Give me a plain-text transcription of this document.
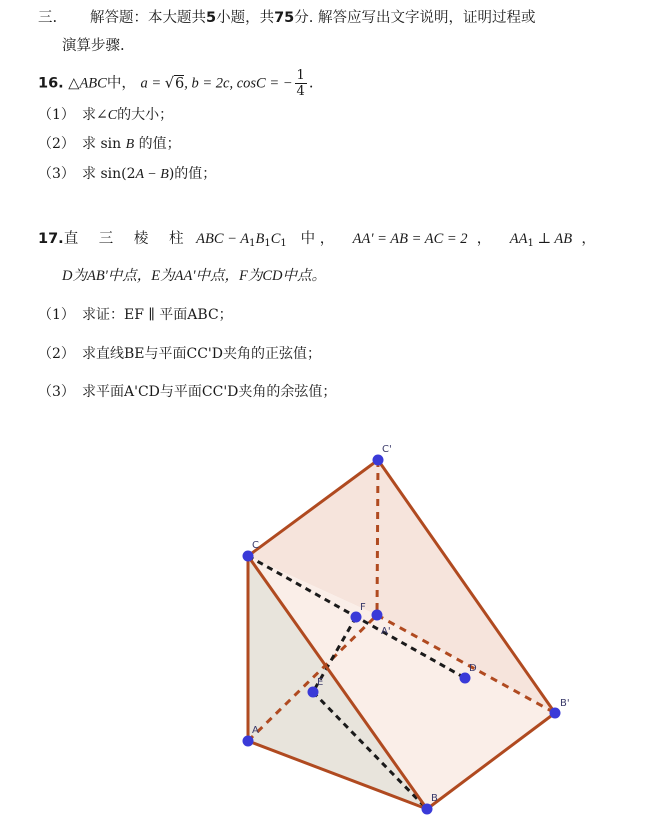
三. 解答题：本大题共5小题，共75分. 解答应写出文字说明，证明过程或
演算步骤.
16. △ABC中， a = √6, b = 2c, cosC = − $\frac{1}{4}$ .
（1） 求∠C的大小；
（2） 求 sin B 的值；
（3） 求 sin(2A − B)的值；
17.直 三 棱 柱 ABC − $A_1B_1C_1$ 中 ， AA' = AB = AC = 2 ， $AA_1$ ⊥ AB ，
D为AB'中点，E为AA'中点，F为CD中点。
（1） 求证：EF ∥ 平面ABC；
（2） 求直线BE与平面CC'D夹角的正弦值；
（3） 求平面A'CD与平面CC'D夹角的余弦值；
C'
C
F
A'
D
E
B'
A
B
